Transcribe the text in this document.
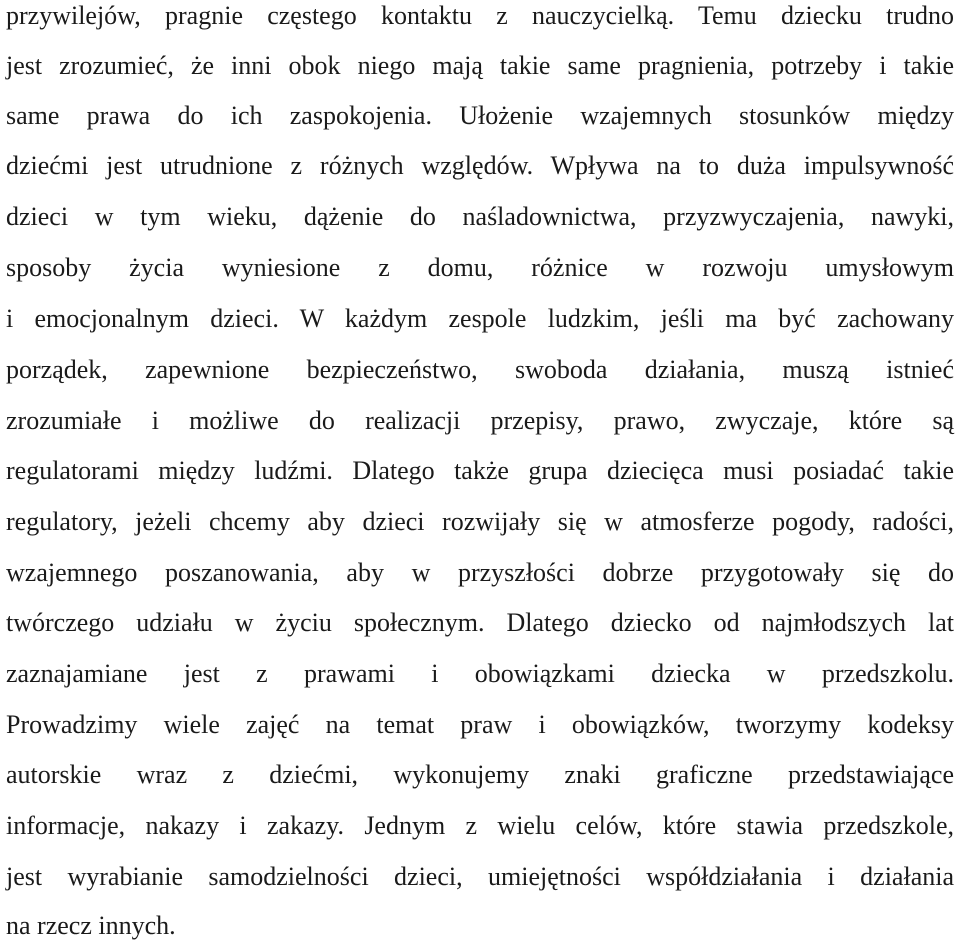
przywilejów, pragnie częstego kontaktu z nauczycielką. Temu dziecku trudno
jest zrozumieć, że inni obok niego mają takie same pragnienia, potrzeby i takie
same prawa do ich zaspokojenia. Ułożenie wzajemnych stosunków między
dziećmi jest utrudnione z różnych względów. Wpływa na to duża impulsywność
dzieci w tym wieku, dążenie do naśladownictwa, przyzwyczajenia, nawyki,
sposoby życia wyniesione z domu, różnice w rozwoju umysłowym
i emocjonalnym dzieci. W każdym zespole ludzkim, jeśli ma być zachowany
porządek, zapewnione bezpieczeństwo, swoboda działania, muszą istnieć
zrozumiałe i możliwe do realizacji przepisy, prawo, zwyczaje, które są
regulatorami między ludźmi. Dlatego także grupa dziecięca musi posiadać takie
regulatory, jeżeli chcemy aby dzieci rozwijały się w atmosferze pogody, radości,
wzajemnego poszanowania, aby w przyszłości dobrze przygotowały się do
twórczego udziału w życiu społecznym. Dlatego dziecko od najmłodszych lat
zaznajamiane jest z prawami i obowiązkami dziecka w przedszkolu.
Prowadzimy wiele zajęć na temat praw i obowiązków, tworzymy kodeksy
autorskie wraz z dziećmi, wykonujemy znaki graficzne przedstawiające
informacje, nakazy i zakazy. Jednym z wielu celów, które stawia przedszkole,
jest wyrabianie samodzielności dzieci, umiejętności współdziałania i działania
na rzecz innych.
